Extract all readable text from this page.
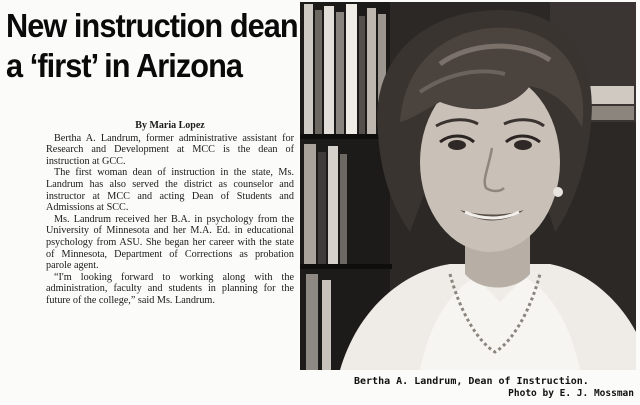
New instruction dean
a ‘first’ in Arizona

By Maria Lopez

Bertha A. Landrum, former administrative assistant for Research and Development at MCC is the dean of instruction at GCC.

The first woman dean of instruction in the state, Ms. Landrum has also served the district as counselor and instructor at MCC and acting Dean of Students and Admissions at SCC.

Ms. Landrum received her B.A. in psychology from the University of Minnesota and her M.A. Ed. in educational psychology from ASU. She began her career with the state of Minnesota, Department of Corrections as probation parole agent.

“I'm looking forward to working along with the administration, faculty and students in planning for the future of the college,” said Ms. Landrum.

Bertha A. Landrum, Dean of Instruction.
Photo by E. J. Mossman
